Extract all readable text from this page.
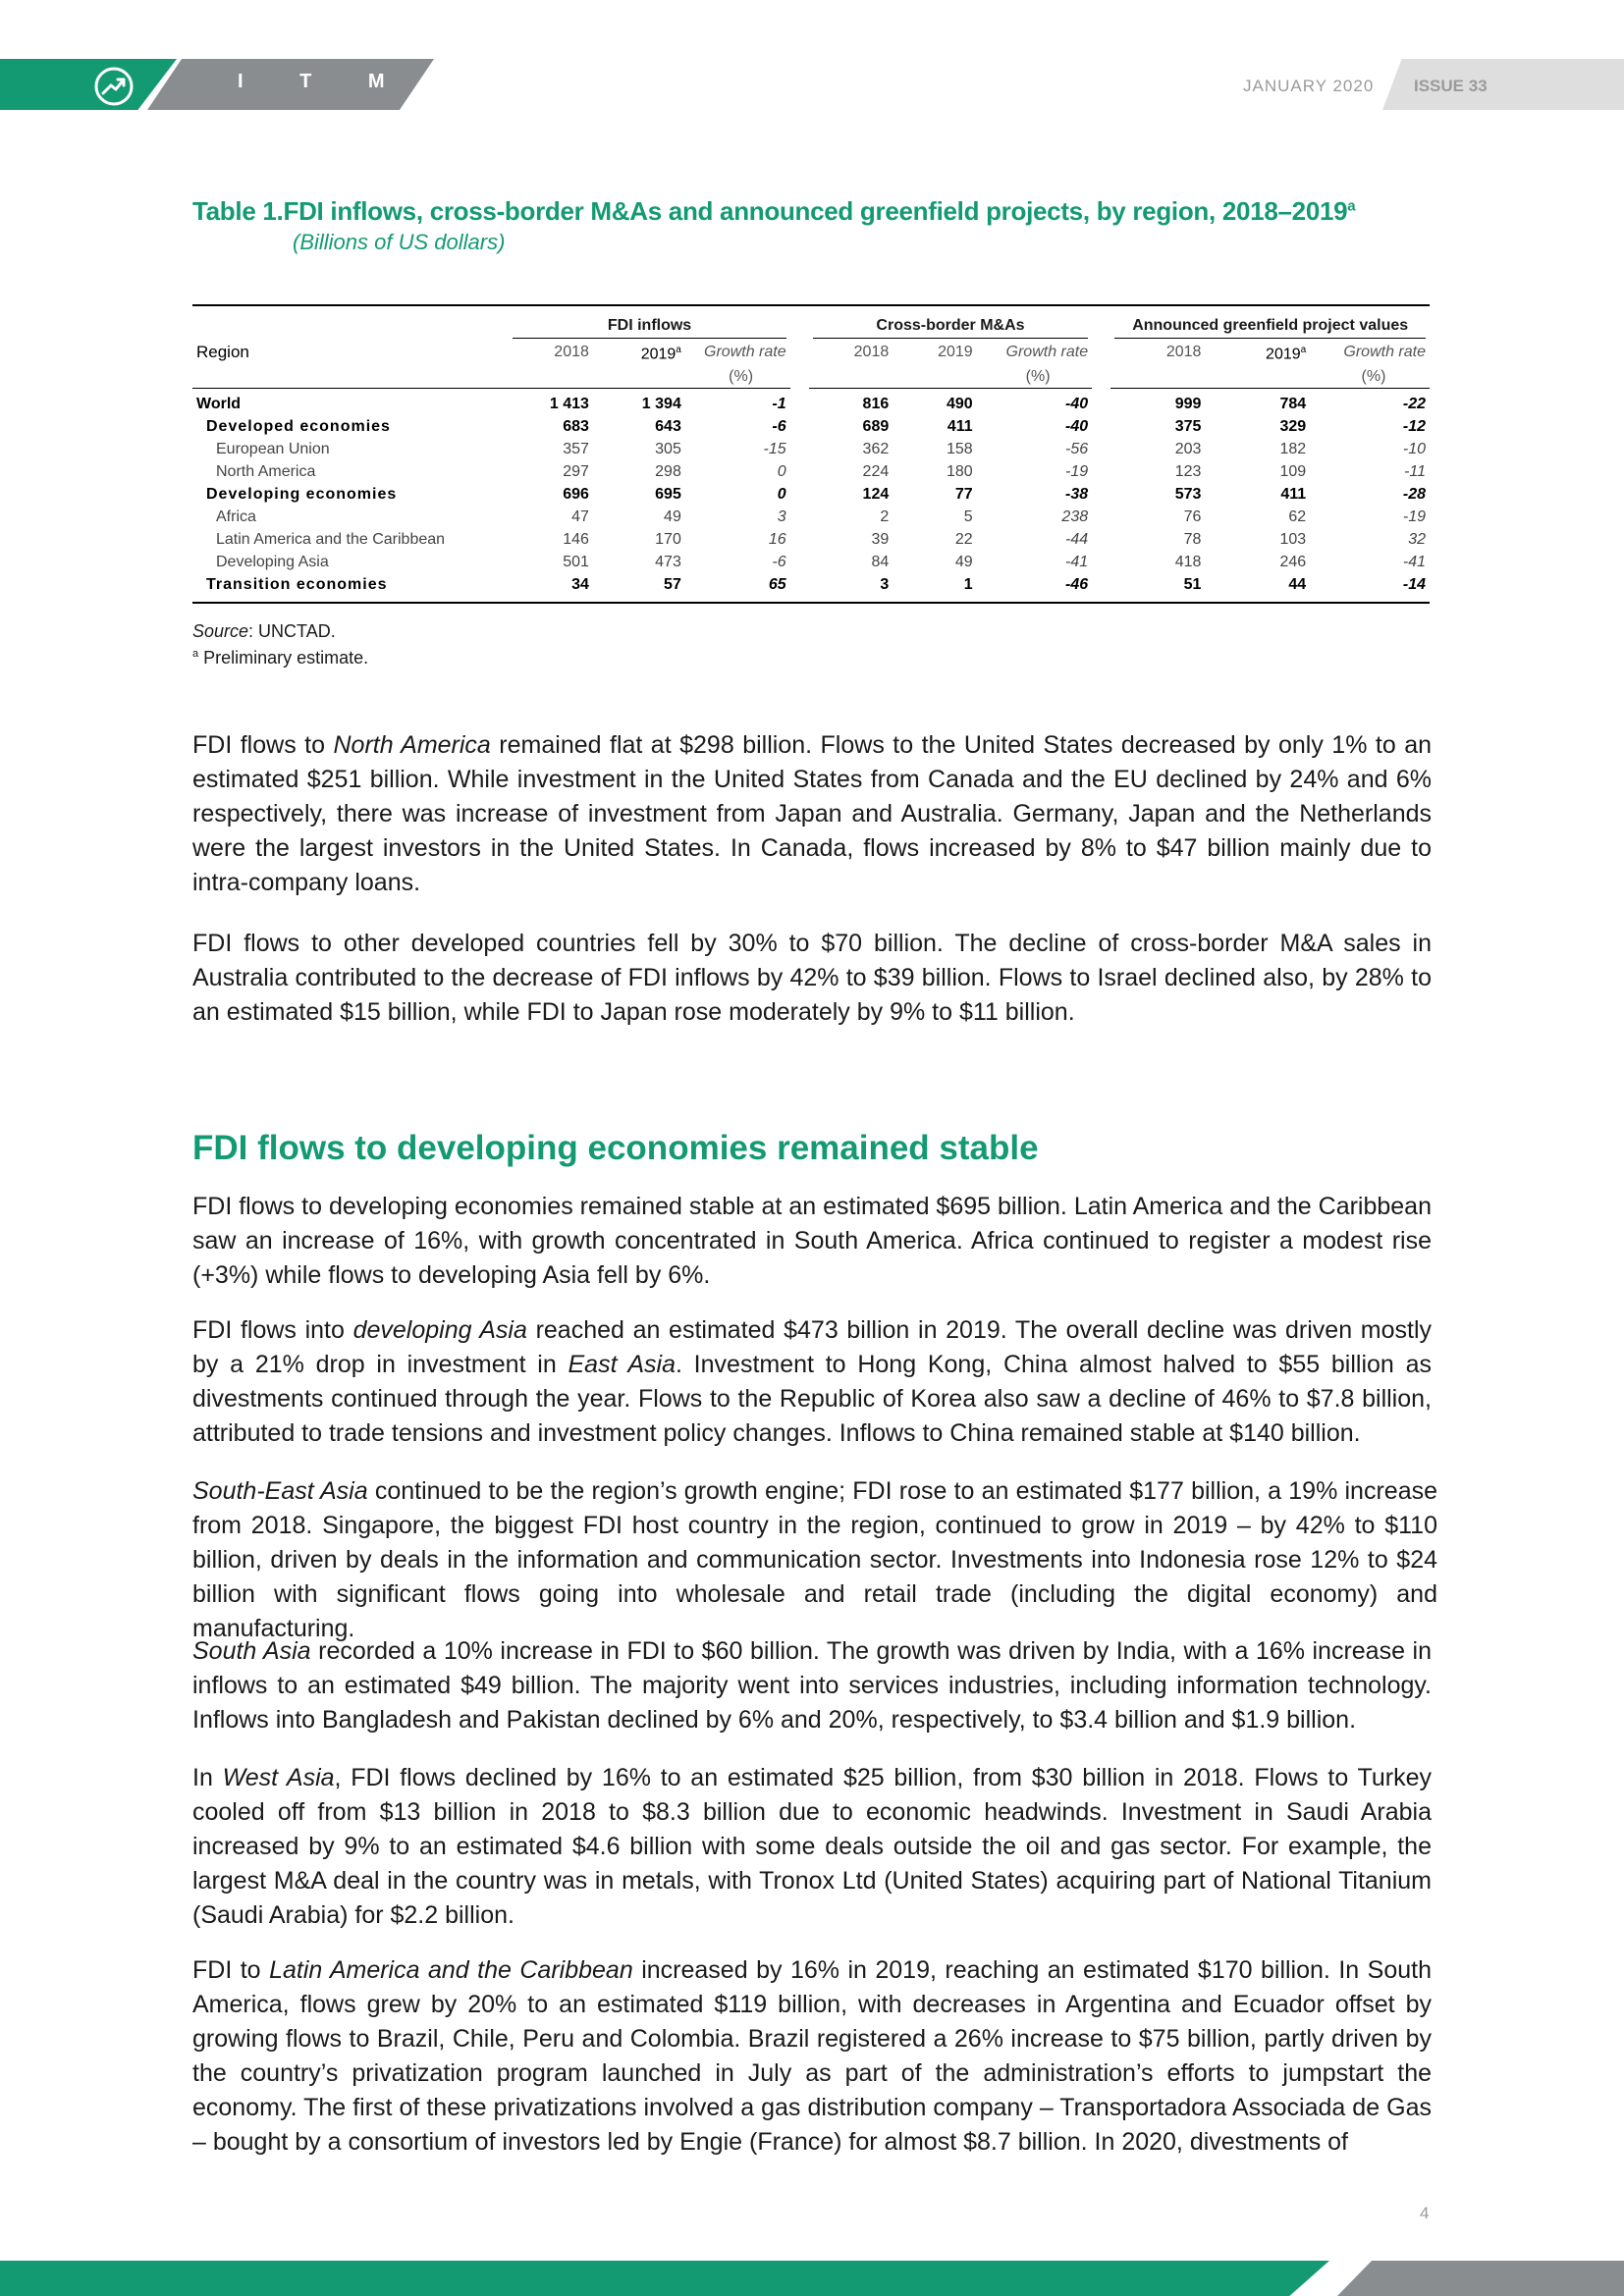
I T M	JANUARY 2020 ISSUE 33
Table 1.FDI inflows, cross-border M&As and announced greenfield projects, by region, 2018–2019$^a$
(Billions of US dollars)

	FDI inflows				Cross-border M&As				Announced greenfield project values		
Region	2018	2019$^a$	Growth rate		2018	2019	Growth rate		2018	2019$^a$	Growth rate

	(%)				(%)				(%)		

World	1 413	1 394	-1		816	490	-40		999	784	-22
Developed economies	683	643	-6		689	411	-40		375	329	-12
European Union	357	305	-15		362	158	-56		203	182	-10
North America	297	298	0		224	180	-19		123	109	-11
Developing economies	696	695	0		124	77	-38		573	411	-28
Africa	47	49	3		2	5	238		76	62	-19
Latin America and the Caribbean	146	170	16		39	22	-44		78	103	32
Developing Asia	501	473	-6		84	49	-41		418	246	-41
Transition economies	34	57	65		3	1	-46		51	44	-14

Source: UNCTAD.
$^a$ Preliminary estimate.
FDI flows to North America remained flat at $298 billion. Flows to the United States decreased by only 1% to an estimated $251 billion. While investment in the United States from Canada and the EU declined by 24% and 6% respectively, there was increase of investment from Japan and Australia. Germany, Japan and the Netherlands were the largest investors in the United States. In Canada, flows increased by 8% to $47 billion mainly due to intra-company loans.
FDI flows to other developed countries fell by 30% to $70 billion. The decline of cross-border M&A sales in Australia contributed to the decrease of FDI inflows by 42% to $39 billion. Flows to Israel declined also, by 28% to an estimated $15 billion, while FDI to Japan rose moderately by 9% to $11 billion.
FDI flows to developing economies remained stable
FDI flows to developing economies remained stable at an estimated $695 billion. Latin America and the Caribbean saw an increase of 16%, with growth concentrated in South America. Africa continued to register a modest rise (+3%) while flows to developing Asia fell by 6%.
FDI flows into developing Asia reached an estimated $473 billion in 2019. The overall decline was driven mostly by a 21% drop in investment in East Asia. Investment to Hong Kong, China almost halved to $55 billion as divestments continued through the year. Flows to the Republic of Korea also saw a decline of 46% to $7.8 billion, attributed to trade tensions and investment policy changes. Inflows to China remained stable at $140 billion.
South-East Asia continued to be the region’s growth engine; FDI rose to an estimated $177 billion, a 19% increase from 2018. Singapore, the biggest FDI host country in the region, continued to grow in 2019 – by 42% to $110 billion, driven by deals in the information and communication sector. Investments into Indonesia rose 12% to $24 billion with significant flows going into wholesale and retail trade (including the digital economy) and manufacturing.
South Asia recorded a 10% increase in FDI to $60 billion. The growth was driven by India, with a 16% increase in inflows to an estimated $49 billion. The majority went into services industries, including information technology. Inflows into Bangladesh and Pakistan declined by 6% and 20%, respectively, to $3.4 billion and $1.9 billion.
In West Asia, FDI flows declined by 16% to an estimated $25 billion, from $30 billion in 2018. Flows to Turkey cooled off from $13 billion in 2018 to $8.3 billion due to economic headwinds. Investment in Saudi Arabia increased by 9% to an estimated $4.6 billion with some deals outside the oil and gas sector. For example, the largest M&A deal in the country was in metals, with Tronox Ltd (United States) acquiring part of National Titanium (Saudi Arabia) for $2.2 billion.
FDI to Latin America and the Caribbean increased by 16% in 2019, reaching an estimated $170 billion. In South America, flows grew by 20% to an estimated $119 billion, with decreases in Argentina and Ecuador offset by growing flows to Brazil, Chile, Peru and Colombia. Brazil registered a 26% increase to $75 billion, partly driven by the country’s privatization program launched in July as part of the administration’s efforts to jumpstart the economy. The first of these privatizations involved a gas distribution company – Transportadora Associada de Gas – bought by a consortium of investors led by Engie (France) for almost $8.7 billion. In 2020, divestments of
4
